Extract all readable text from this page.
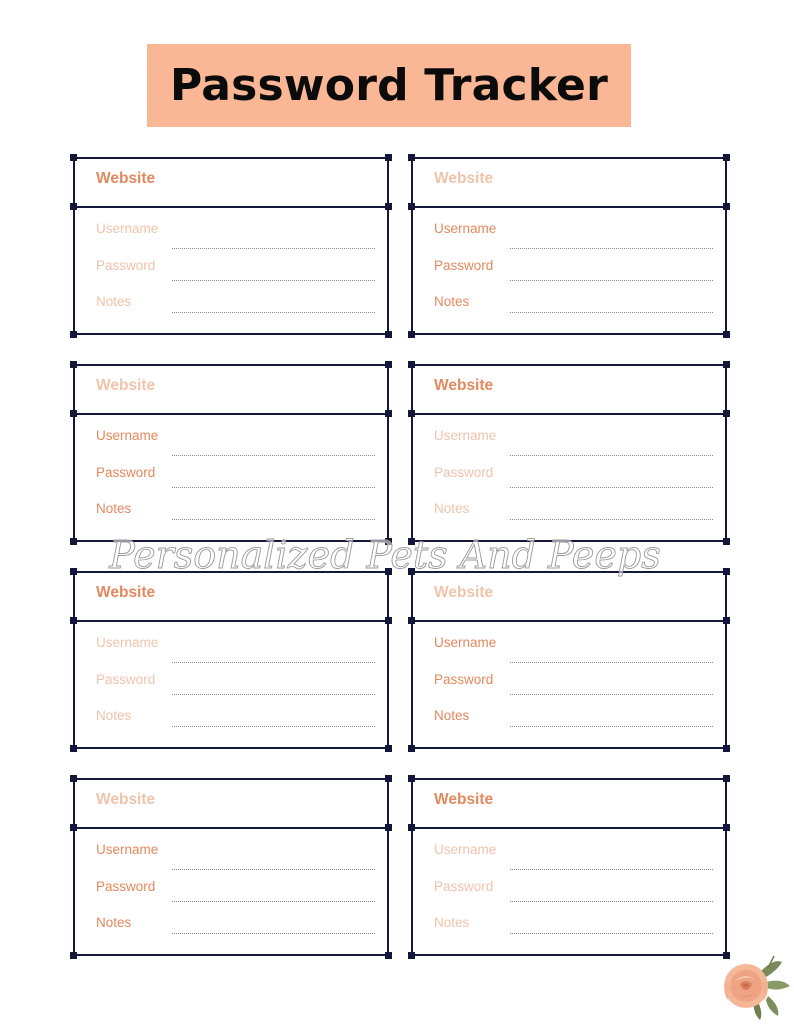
Password Tracker
Website
Username
Password
Notes
Website
Username
Password
Notes
Website
Username
Password
Notes
Website
Username
Password
Notes
Website
Username
Password
Notes
Website
Username
Password
Notes
Website
Username
Password
Notes
Website
Username
Password
Notes
Personalized Pets And Peeps
